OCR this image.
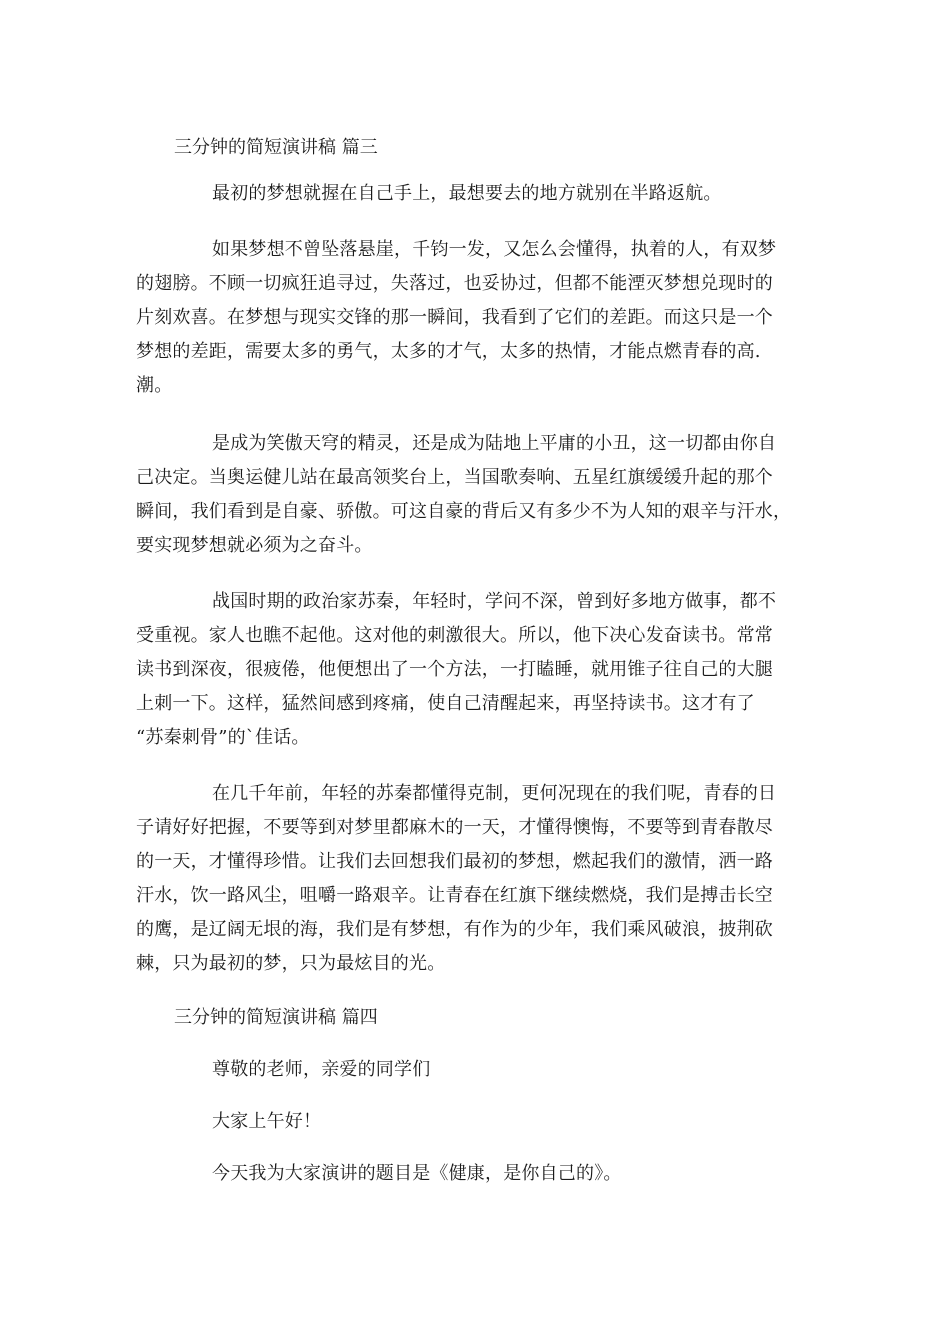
三分钟的简短演讲稿 篇三
最初的梦想就握在自己手上，最想要去的地方就别在半路返航。
如果梦想不曾坠落悬崖，千钧一发，又怎么会懂得，执着的人，有双梦
的翅膀。不顾一切疯狂追寻过，失落过，也妥协过，但都不能湮灭梦想兑现时的
片刻欢喜。在梦想与现实交锋的那一瞬间，我看到了它们的差距。而这只是一个
梦想的差距，需要太多的勇气，太多的才气，太多的热情，才能点燃青春的高.
潮。
是成为笑傲天穹的精灵，还是成为陆地上平庸的小丑，这一切都由你自
己决定。当奥运健儿站在最高领奖台上，当国歌奏响、五星红旗缓缓升起的那个
瞬间，我们看到是自豪、骄傲。可这自豪的背后又有多少不为人知的艰辛与汗水，
要实现梦想就必须为之奋斗。
战国时期的政治家苏秦，年轻时，学问不深，曾到好多地方做事，都不
受重视。家人也瞧不起他。这对他的刺激很大。所以，他下决心发奋读书。常常
读书到深夜，很疲倦，他便想出了一个方法，一打瞌睡，就用锥子往自己的大腿
上刺一下。这样，猛然间感到疼痛，使自己清醒起来，再坚持读书。这才有了
“苏秦刺骨”的`佳话。
在几千年前，年轻的苏秦都懂得克制，更何况现在的我们呢，青春的日
子请好好把握，不要等到对梦里都麻木的一天，才懂得懊悔，不要等到青春散尽
的一天，才懂得珍惜。让我们去回想我们最初的梦想，燃起我们的激情，洒一路
汗水，饮一路风尘，咀嚼一路艰辛。让青春在红旗下继续燃烧，我们是搏击长空
的鹰，是辽阔无垠的海，我们是有梦想，有作为的少年，我们乘风破浪，披荆砍
棘，只为最初的梦，只为最炫目的光。
三分钟的简短演讲稿 篇四
尊敬的老师，亲爱的同学们
大家上午好！
今天我为大家演讲的题目是《健康，是你自己的》。
